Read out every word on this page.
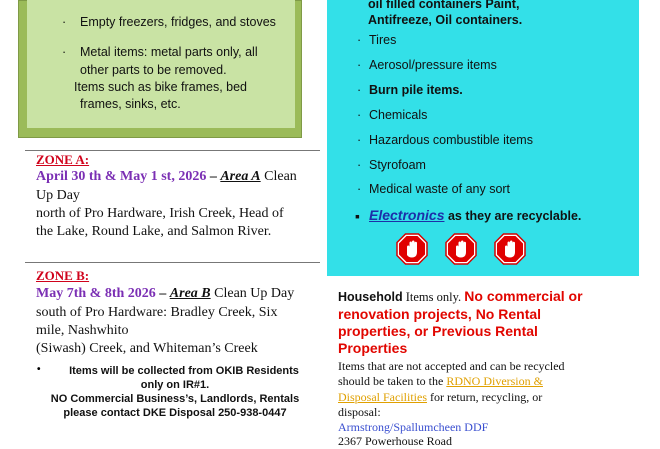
· Empty freezers, fridges, and stoves
· Metal items: metal parts only, all
other parts to be removed.
Items such as bike frames, bed
frames, sinks, etc.
oil filled containers Paint,
Antifreeze, Oil containers.
· Tires
· Aerosol/pressure items
· Burn pile items.
· Chemicals
· Hazardous combustible items
· Styrofoam
· Medical waste of any sort
▪ Electronics as they are recyclable.
ZONE A:
April 30 th & May 1 st, 2026 – Area A Clean
Up Day
north of Pro Hardware, Irish Creek, Head of
the Lake, Round Lake, and Salmon River.
ZONE B:
May 7th & 8th 2026 – Area B Clean Up Day
south of Pro Hardware: Bradley Creek, Six
mile, Nashwhito
(Siwash) Creek, and Whiteman’s Creek
•	Items will be collected from OKIB Residents
only on IR#1.
NO Commercial Business’s, Landlords, Rentals
please contact DKE Disposal 250-938-0447
Household Items only. No commercial or
renovation projects, No Rental
properties, or Previous Rental
Properties
Items that are not accepted and can be recycled
should be taken to the RDNO Diversion &
Disposal Facilities for return, recycling, or
disposal:
Armstrong/Spallumcheen DDF
2367 Powerhouse Road
